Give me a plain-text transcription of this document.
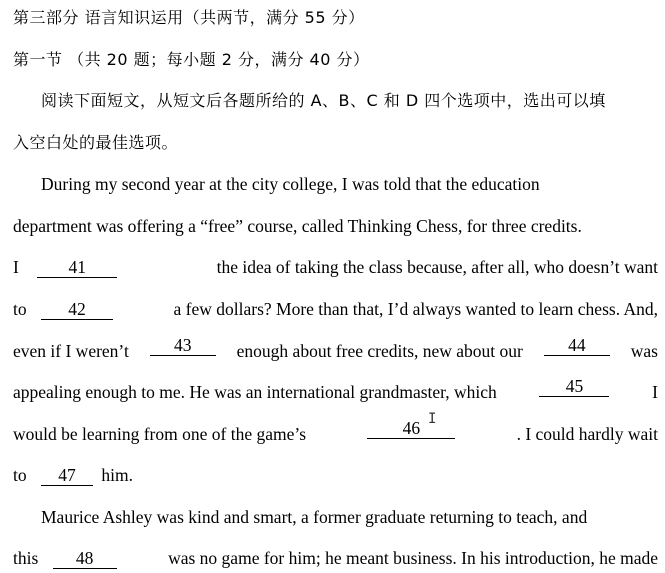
第三部分 语言知识运用（共两节，满分 55 分）
第一节 （共 20 题；每小题 2 分，满分 40 分）
阅读下面短文，从短文后各题所给的 A、B、C 和 D 四个选项中，选出可以填
入空白处的最佳选项。
During my second year at the city college, I was told that the education
department was offering a “free” course, called Thinking Chess, for three credits.
I	41	the idea of taking the class because, after all, who doesn’t want
to 42	a few dollars? More than that, I’d always wanted to learn chess. And,
even if I weren’t	43	enough about free credits, new about our	44	was
appealing enough to me. He was an international grandmaster, which	45	I
would be learning from one of the game’s	46	. I could hardly wait
to 47 him.
Maurice Ashley was kind and smart, a former graduate returning to teach, and
this 48	was no game for him; he meant business. In his introduction, he made
Ι
